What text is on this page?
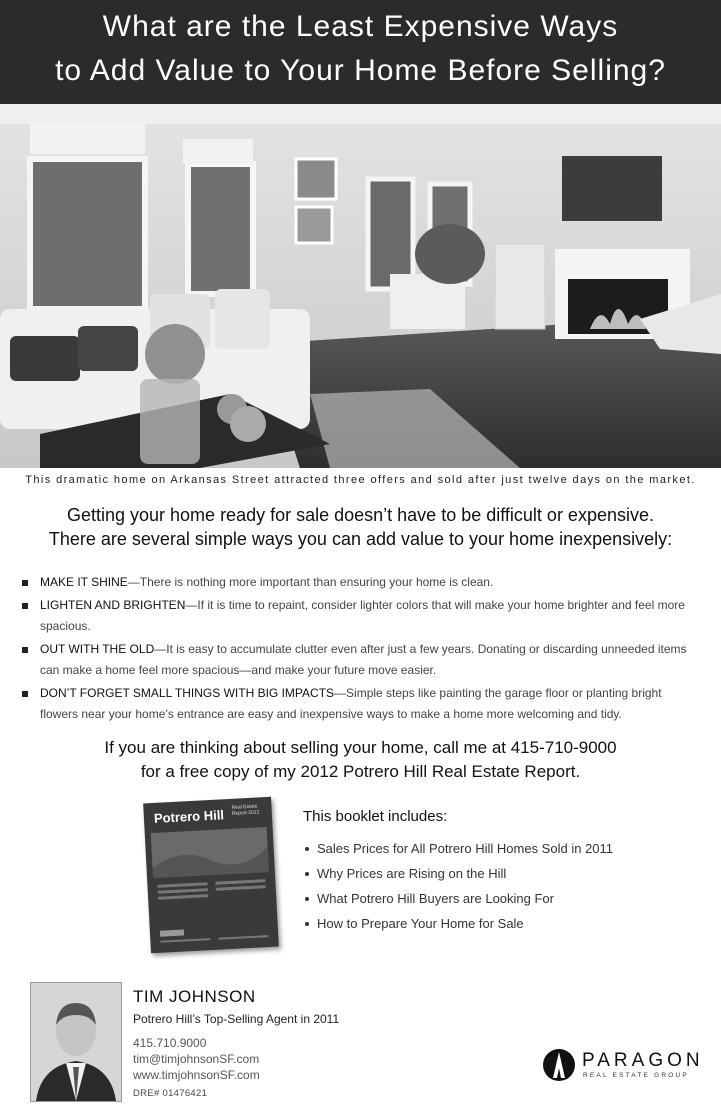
What are the Least Expensive Ways
to Add Value to Your Home Before Selling?
This dramatic home on Arkansas Street attracted three offers and sold after just twelve days on the market.
Getting your home ready for sale doesn’t have to be difficult or expensive.
There are several simple ways you can add value to your home inexpensively:
MAKE IT SHINE—There is nothing more important than ensuring your home is clean.
LIGHTEN AND BRIGHTEN—If it is time to repaint, consider lighter colors that will make your home brighter and feel more spacious.
OUT WITH THE OLD—It is easy to accumulate clutter even after just a few years. Donating or discarding unneeded items can make a home feel more spacious—and make your future move easier.
DON’T FORGET SMALL THINGS WITH BIG IMPACTS—Simple steps like painting the garage floor or planting bright flowers near your home’s entrance are easy and inexpensive ways to make a home more welcoming and tidy.
If you are thinking about selling your home, call me at 415-710-9000
for a free copy of my 2012 Potrero Hill Real Estate Report.
Potrero Hill
Real Estate Report 2012	This booklet includes:
Sales Prices for All Potrero Hill Homes Sold in 2011
Why Prices are Rising on the Hill
What Potrero Hill Buyers are Looking For
How to Prepare Your Home for Sale
TIM JOHNSON
Potrero Hill’s Top-Selling Agent in 2011
415.710.9000
tim@timjohnsonSF.com
www.timjohnsonSF.com
DRE# 01476421
PARAGON
REAL ESTATE GROUP
